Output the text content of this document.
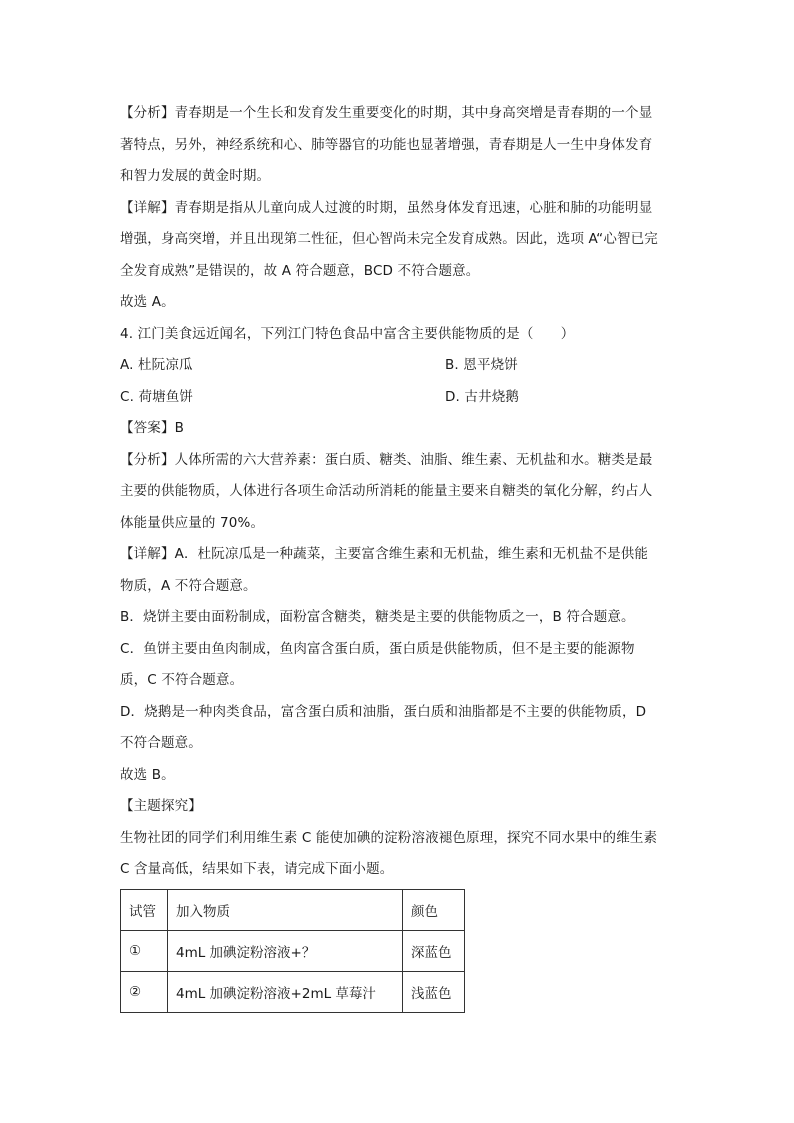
【分析】青春期是一个生长和发育发生重要变化的时期，其中身高突增是青春期的一个显
著特点，另外，神经系统和心、肺等器官的功能也显著增强，青春期是人一生中身体发育
和智力发展的黄金时期。
【详解】青春期是指从儿童向成人过渡的时期，虽然身体发育迅速，心脏和肺的功能明显
增强，身高突增，并且出现第二性征，但心智尚未完全发育成熟。因此，选项 A“心智已完
全发育成熟”是错误的，故 A 符合题意，BCD 不符合题意。
故选 A。
4. 江门美食远近闻名，下列江门特色食品中富含主要供能物质的是（　　）
A. 杜阮凉瓜	B. 恩平烧饼
C. 荷塘鱼饼	D. 古井烧鹅
【答案】B
【分析】人体所需的六大营养素：蛋白质、糖类、油脂、维生素、无机盐和水。糖类是最
主要的供能物质，人体进行各项生命活动所消耗的能量主要来自糖类的氧化分解，约占人
体能量供应量的 70%。
【详解】A．杜阮凉瓜是一种蔬菜，主要富含维生素和无机盐，维生素和无机盐不是供能
物质，A 不符合题意。
B．烧饼主要由面粉制成，面粉富含糖类，糖类是主要的供能物质之一，B 符合题意。
C．鱼饼主要由鱼肉制成，鱼肉富含蛋白质，蛋白质是供能物质，但不是主要的能源物
质，C 不符合题意。
D．烧鹅是一种肉类食品，富含蛋白质和油脂，蛋白质和油脂都是不主要的供能物质，D
不符合题意。
故选 B。
【主题探究】
生物社团的同学们利用维生素 C 能使加碘的淀粉溶液褪色原理，探究不同水果中的维生素
C 含量高低，结果如下表，请完成下面小题。
试管	加入物质	颜色
①	4mL 加碘淀粉溶液+？	深蓝色
②	4mL 加碘淀粉溶液+2mL 草莓汁	浅蓝色
